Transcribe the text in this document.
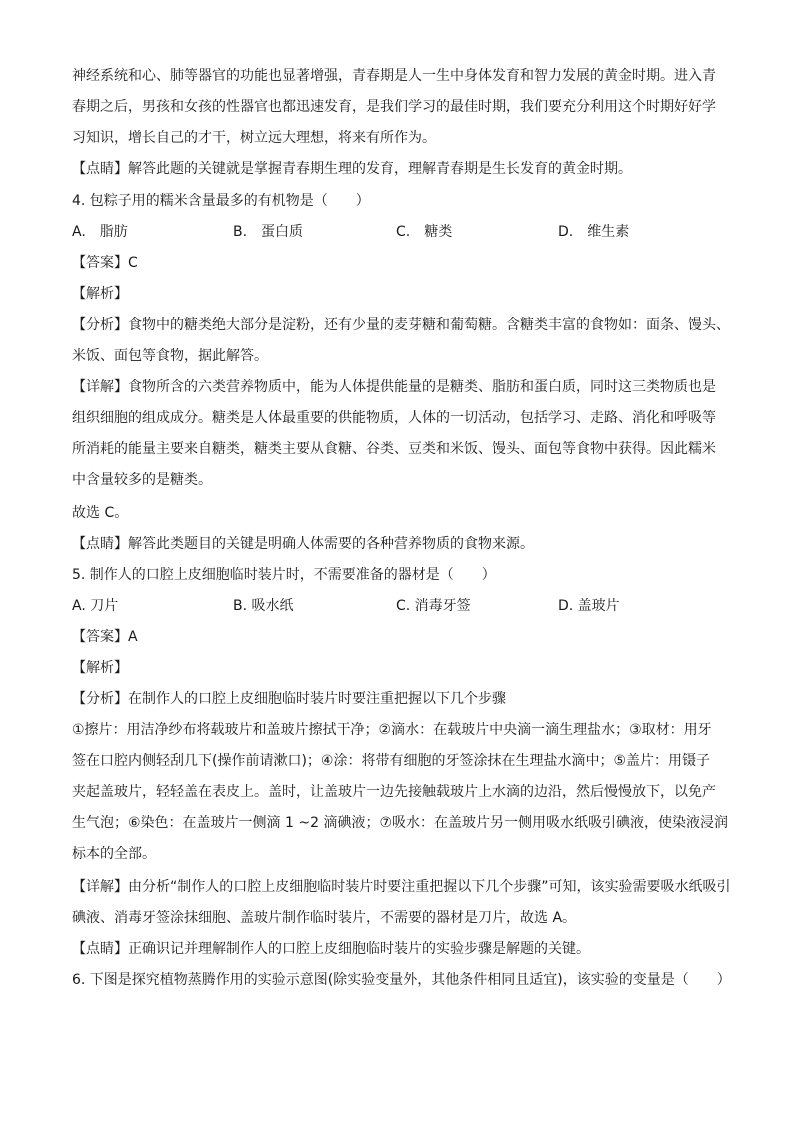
神经系统和心、肺等器官的功能也显著增强，青春期是人一生中身体发育和智力发展的黄金时期。进入青
春期之后，男孩和女孩的性器官也都迅速发育，是我们学习的最佳时期，我们要充分利用这个时期好好学
习知识，增长自己的才干，树立远大理想，将来有所作为。
【点睛】解答此题的关键就是掌握青春期生理的发育，理解青春期是生长发育的黄金时期。
4. 包粽子用的糯米含量最多的有机物是（　　）
A.　脂肪	B.　蛋白质	C.　糖类	D.　维生素
【答案】C
【解析】
【分析】食物中的糖类绝大部分是淀粉，还有少量的麦芽糖和葡萄糖。含糖类丰富的食物如：面条、馒头、
米饭、面包等食物，据此解答。
【详解】食物所含的六类营养物质中，能为人体提供能量的是糖类、脂肪和蛋白质，同时这三类物质也是
组织细胞的组成成分。糖类是人体最重要的供能物质，人体的一切活动，包括学习、走路、消化和呼吸等
所消耗的能量主要来自糖类，糖类主要从食糖、谷类、豆类和米饭、馒头、面包等食物中获得。因此糯米
中含量较多的是糖类。
故选 C。
【点睛】解答此类题目的关键是明确人体需要的各种营养物质的食物来源。
5. 制作人的口腔上皮细胞临时装片时，不需要准备的器材是（　　）
A. 刀片	B. 吸水纸	C. 消毒牙签	D. 盖玻片
【答案】A
【解析】
【分析】在制作人的口腔上皮细胞临时装片时要注重把握以下几个步骤
①擦片：用洁净纱布将载玻片和盖玻片擦拭干净；②滴水：在载玻片中央滴一滴生理盐水；③取材：用牙
签在口腔内侧轻刮几下(操作前请漱口)；④涂：将带有细胞的牙签涂抹在生理盐水滴中；⑤盖片：用镊子
夹起盖玻片，轻轻盖在表皮上。盖时，让盖玻片一边先接触载玻片上水滴的边沿，然后慢慢放下，以免产
生气泡；⑥染色：在盖玻片一侧滴 1 ~2 滴碘液；⑦吸水：在盖玻片另一侧用吸水纸吸引碘液，使染液浸润
标本的全部。
【详解】由分析“制作人的口腔上皮细胞临时装片时要注重把握以下几个步骤”可知，该实验需要吸水纸吸引
碘液、消毒牙签涂抹细胞、盖玻片制作临时装片，不需要的器材是刀片，故选 A。
【点睛】正确识记并理解制作人的口腔上皮细胞临时装片的实验步骤是解题的关键。
6. 下图是探究植物蒸腾作用的实验示意图(除实验变量外，其他条件相同且适宜)，该实验的变量是（　　）
